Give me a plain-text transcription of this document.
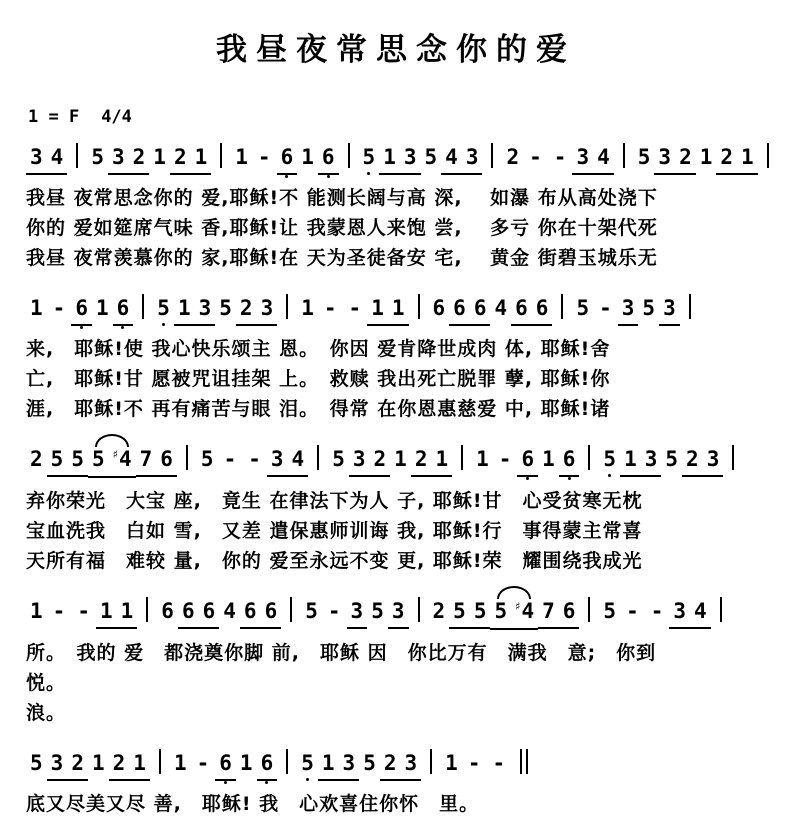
我昼夜常思念你的爱
1 = F 4/4
3 4 5 3 2 1 2 1 1 - 6 1 6 5 1 3 5 4 3 2 - - 3 4 5 3 2 1 2 1
我昼 夜常思念你的 爱,耶稣!不 能测长阔与高 深,　 如瀑 布从高处浇下
你的 爱如筵席气味 香,耶稣!让 我蒙恩人来饱 尝,　 多亏 你在十架代死
我昼 夜常羡慕你的 家,耶稣!在 天为圣徒备安 宅,　 黄金 街碧玉城乐无
1 - 6 1 6 5 1 3 5 2 3 1 - - 1 1 6 6 6 4 6 6 5 - 3 5 3
来,　耶稣!使 我心快乐颂主 恩。　你因 爱肯降世成肉 体, 耶稣!舍
亡,　耶稣!甘 愿被咒诅挂架 上。　救赎 我出死亡脱罪 孽, 耶稣!你
涯,　耶稣!不 再有痛苦与眼 泪。　得常 在你恩惠慈爱 中, 耶稣!诸
2 5 5 5 ♯4 7 6 5 - - 3 4 5 3 2 1 2 1 1 - 6 1 6 5 1 3 5 2 3
弃你荣光　大宝 座,　竟生 在律法下为人 子, 耶稣!甘　心受贫寒无枕
宝血洗我　白如 雪,　又差 遣保惠师训诲 我, 耶稣!行　事得蒙主常喜
天所有福　难较 量,　你的 爱至永远不变 更, 耶稣!荣　耀围绕我成光
1 - - 1 1 6 6 6 4 6 6 5 - 3 5 3 2 5 5 5 ♯4 7 6 5 - - 3 4
所。　我的 爱　都浇奠你脚 前,　耶稣 因　你比万有　满我　意;　你到
悦。
浪。
5 3 2 1 2 1 1 - 6 1 6 5 1 3 5 2 3 1 - -
底又尽美又尽 善,　耶稣! 我　心欢喜住你怀　里。
